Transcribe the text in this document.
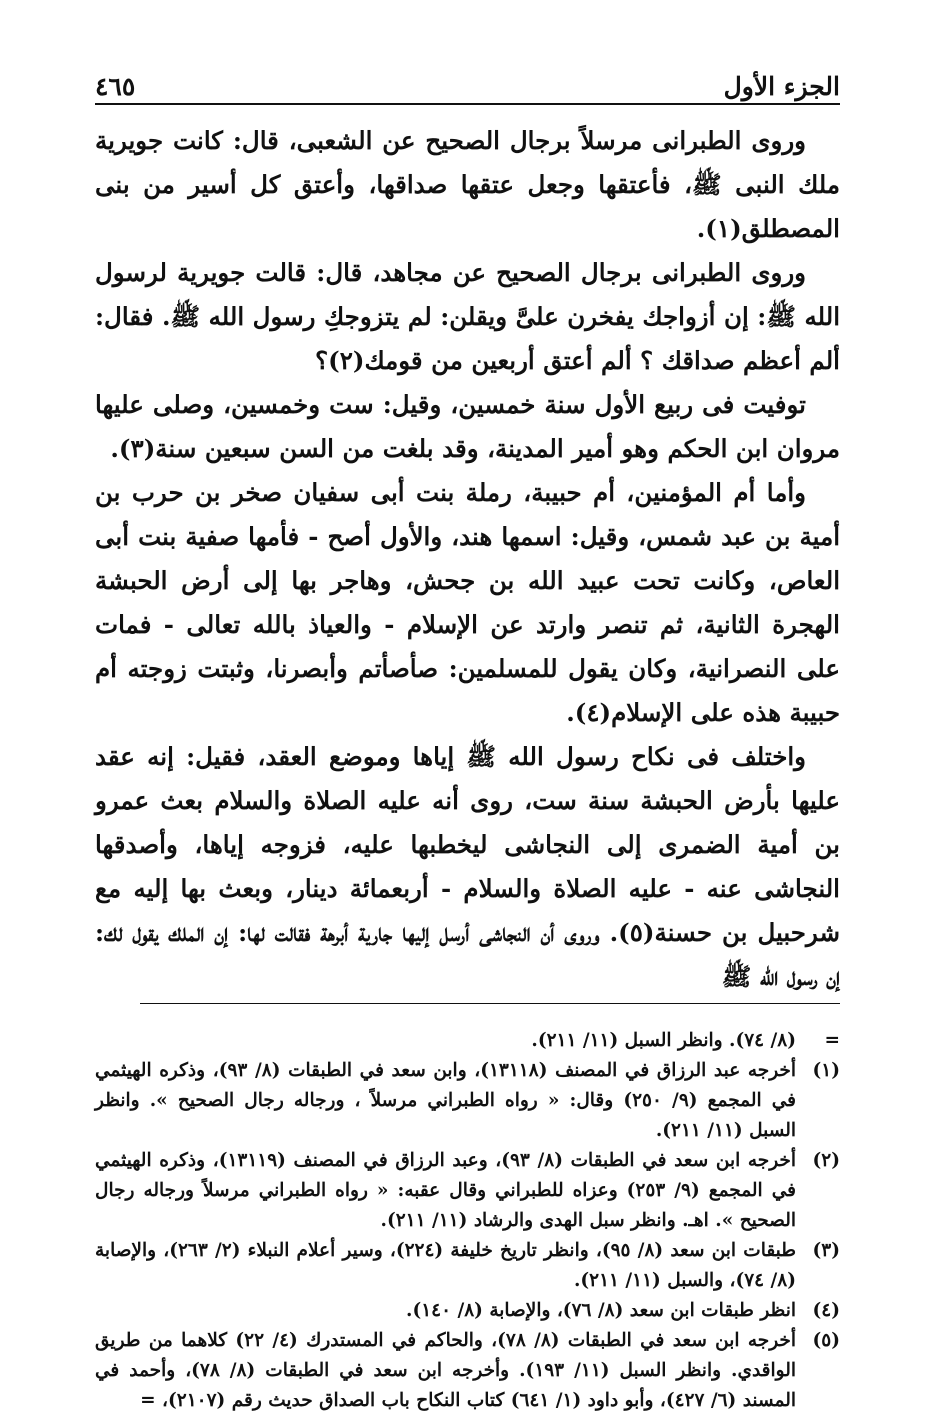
الجزء الأول
٤٦٥

وروى الطبرانى مرسلاً برجال الصحيح عن الشعبى، قال: كانت جويرية ملك النبى ﷺ، فأعتقها وجعل عتقها صداقها، وأعتق كل أسير من بنى المصطلق(١).

وروى الطبرانى برجال الصحيح عن مجاهد، قال: قالت جويرية لرسول الله ﷺ: إن أزواجك يفخرن علىَّ ويقلن: لم يتزوجكِ رسول الله ﷺ. فقال: ألم أعظم صداقك ؟ ألم أعتق أربعين من قومك(٢)؟

توفيت فى ربيع الأول سنة خمسين، وقيل: ست وخمسين، وصلى عليها مروان ابن الحكم وهو أمير المدينة، وقد بلغت من السن سبعين سنة(٣).

وأما أم المؤمنين، أم حبيبة، رملة بنت أبى سفيان صخر بن حرب بن أمية بن عبد شمس، وقيل: اسمها هند، والأول أصح - فأمها صفية بنت أبى العاص، وكانت تحت عبيد الله بن جحش، وهاجر بها إلى أرض الحبشة الهجرة الثانية، ثم تنصر وارتد عن الإسلام - والعياذ بالله تعالى - فمات على النصرانية، وكان يقول للمسلمين: صأصأتم وأبصرنا، وثبتت زوجته أم حبيبة هذه على الإسلام(٤).

واختلف فى نكاح رسول الله ﷺ إياها وموضع العقد، فقيل: إنه عقد عليها بأرض الحبشة سنة ست، روى أنه عليه الصلاة والسلام بعث عمرو بن أمية الضمرى إلى النجاشى ليخطبها عليه، فزوجه إياها، وأصدقها النجاشى عنه - عليه الصلاة والسلام - أربعمائة دينار، وبعث بها إليه مع شرحبيل بن حسنة(٥). وروى أن النجاشى أرسل إليها جارية أبرهة فقالت لها: إن الملك يقول لك: إن رسول الله ﷺ

=
(٨/ ٧٤). وانظر السبل (١١/ ٢١١).
(١)
أخرجه عبد الرزاق في المصنف (١٣١١٨)، وابن سعد في الطبقات (٨/ ٩٣)، وذكره الهيثمي في المجمع (٩/ ٢٥٠) وقال: « رواه الطبراني مرسلاً ، ورجاله رجال الصحيح ». وانظر السبل (١١/ ٢١١).
(٢)
أخرجه ابن سعد في الطبقات (٨/ ٩٣)، وعبد الرزاق في المصنف (١٣١١٩)، وذكره الهيثمي في المجمع (٩/ ٢٥٣) وعزاه للطبراني وقال عقبه: « رواه الطبراني مرسلاً ورجاله رجال الصحيح ». اهـ. وانظر سبل الهدى والرشاد (١١/ ٢١١).
(٣)
طبقات ابن سعد (٨/ ٩٥)، وانظر تاريخ خليفة (٢٢٤)، وسير أعلام النبلاء (٢/ ٢٦٣)، والإصابة (٨/ ٧٤)، والسبل (١١/ ٢١١).
(٤)
انظر طبقات ابن سعد (٨/ ٧٦)، والإصابة (٨/ ١٤٠).
(٥)
أخرجه ابن سعد في الطبقات (٨/ ٧٨)، والحاكم في المستدرك (٤/ ٢٢) كلاهما من طريق الواقدي. وانظر السبل (١١/ ١٩٣). وأخرجه ابن سعد في الطبقات (٨/ ٧٨)، وأحمد في المسند (٦/ ٤٢٧)، وأبو داود (١/ ٦٤١) كتاب النكاح باب الصداق حديث رقم (٢١٠٧)، =
